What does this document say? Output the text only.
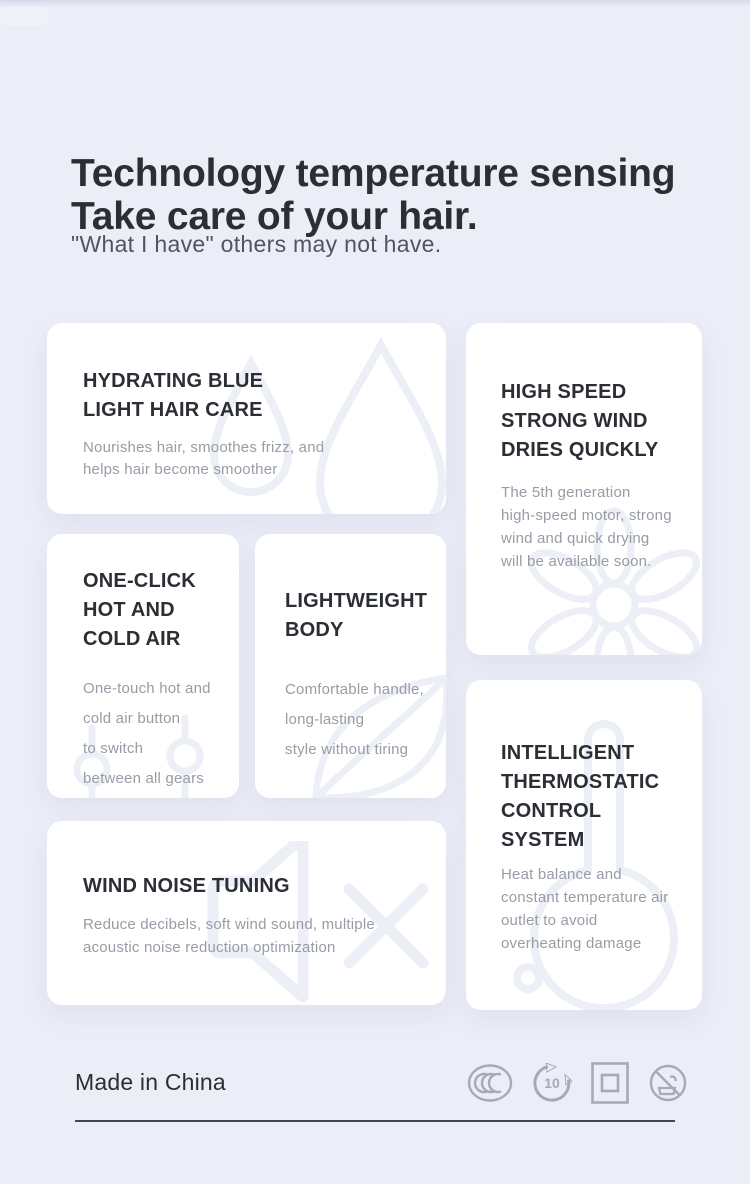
Technology temperature sensing
Take care of your hair.
"What I have" others may not have.
HYDRATING BLUE
LIGHT HAIR CARE

Nourishes hair, smoothes frizz, and
helps hair become smoother

HIGH SPEED
STRONG WIND
DRIES QUICKLY

The 5th generation
high-speed motor, strong
wind and quick drying
will be available soon.

ONE-CLICK
HOT AND
COLD AIR

One-touch hot and
cold air button
to switch
between all gears

LIGHTWEIGHT
BODY

Comfortable handle,
long-lasting
style without tiring

WIND NOISE TUNING

Reduce decibels, soft wind sound, multiple
acoustic noise reduction optimization

INTELLIGENT
THERMOSTATIC
CONTROL SYSTEM

Heat balance and
constant temperature air
outlet to avoid
overheating damage

Made in China	10
